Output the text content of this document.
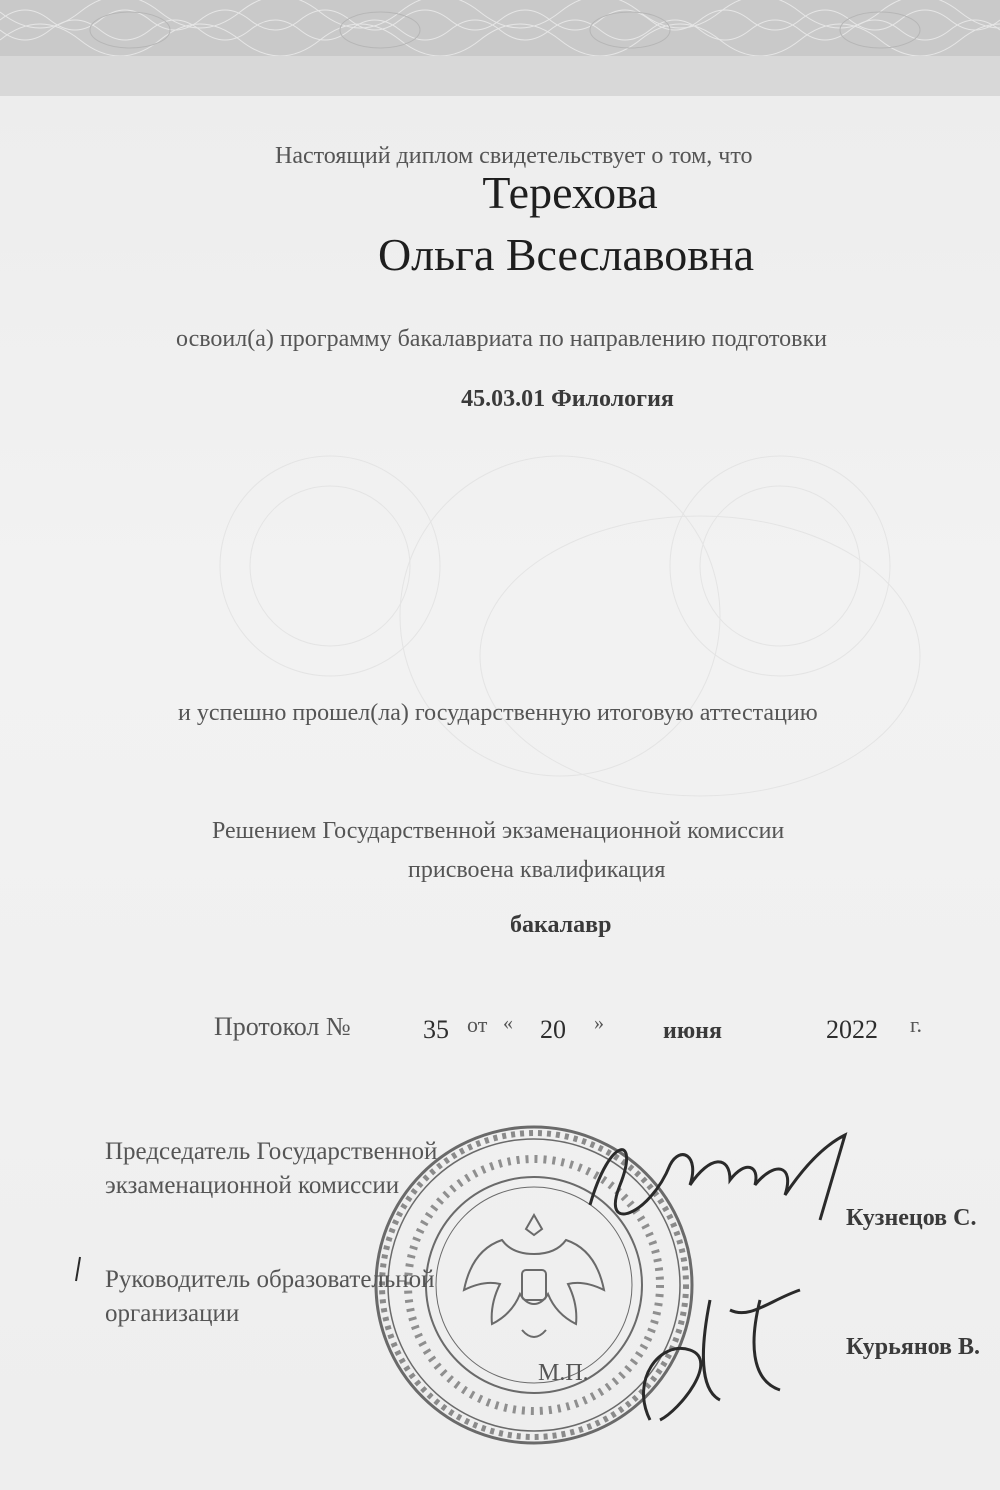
Настоящий диплом свидетельствует о том, что
Терехова
Ольга Всеславовна
освоил(а) программу бакалавриата по направлению подготовки
45.03.01 Филология
и успешно прошел(ла) государственную итоговую аттестацию
Решением Государственной экзаменационной комиссии
присвоена квалификация
бакалавр
Протокол №	35 от « 20 » июня	2022 г.
Председатель Государственной экзаменационной комиссии
Кузнецов С.
Руководитель образовательной организации
Курьянов В.
М.П.
